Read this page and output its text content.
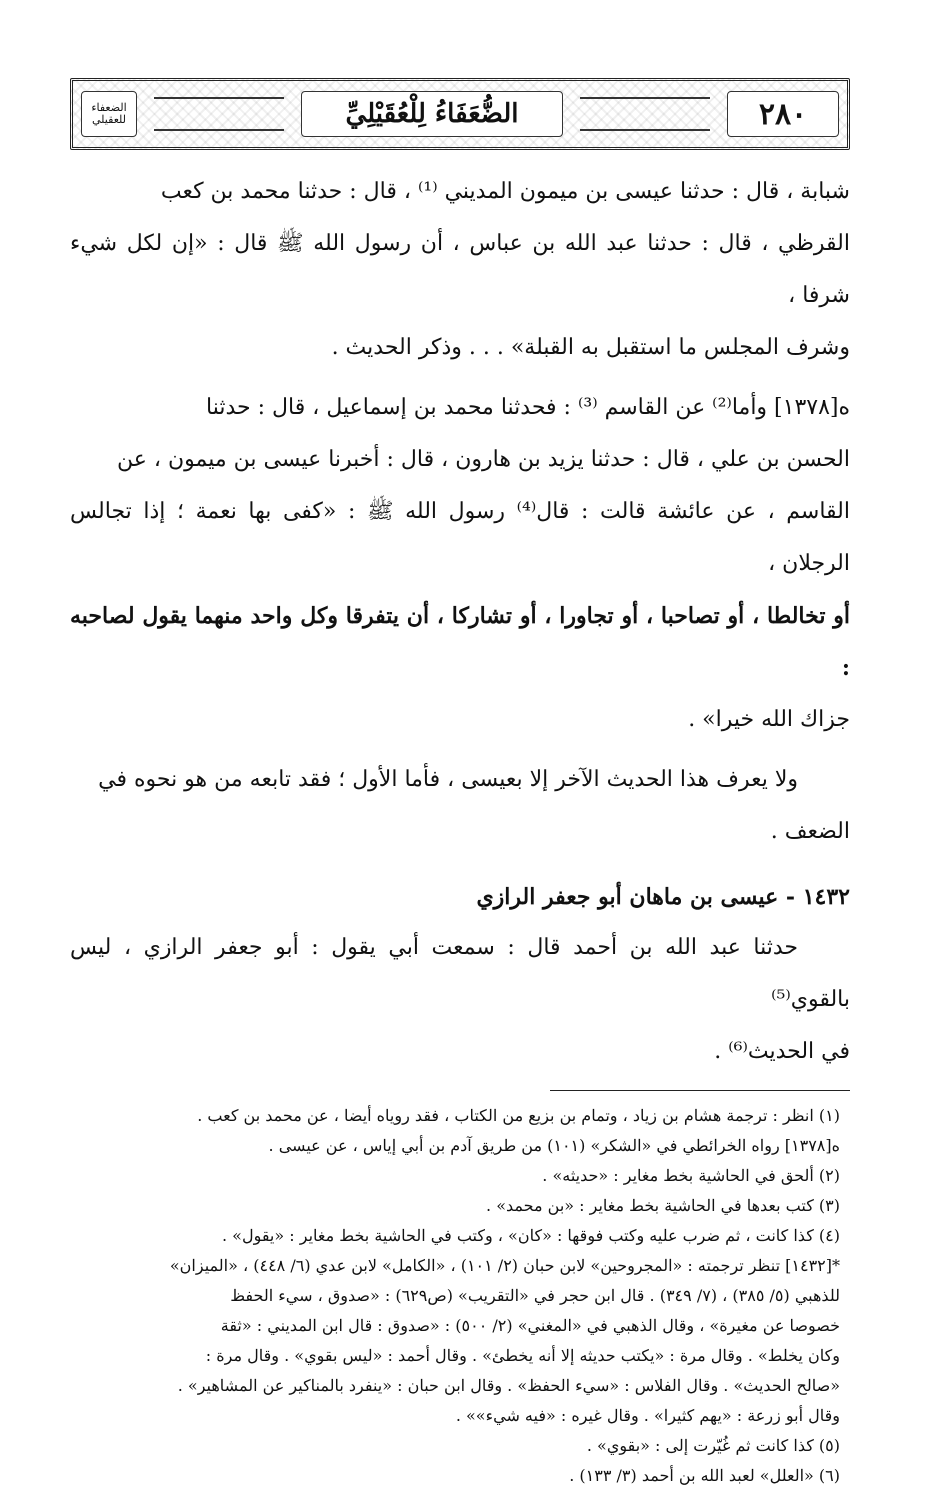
٢٨٠
الضُّعَفَاءُ لِلْعُقَيْلِيِّ
الضعفاء للعقيلي

شبابة ، قال : حدثنا عيسى بن ميمون المديني ⁽¹⁾ ، قال : حدثنا محمد بن كعب

القرظي ، قال : حدثنا عبد الله بن عباس ، أن رسول الله ﷺ قال : «إن لكل شيء شرفا ،

وشرف المجلس ما استقبل به القبلة» . . . وذكر الحديث .

ه[١٣٧٨] وأما⁽²⁾ عن القاسم ⁽³⁾ : فحدثنا محمد بن إسماعيل ، قال : حدثنا

الحسن بن علي ، قال : حدثنا يزيد بن هارون ، قال : أخبرنا عيسى بن ميمون ، عن

القاسم ، عن عائشة قالت : قال⁽⁴⁾ رسول الله ﷺ : «كفى بها نعمة ؛ إذا تجالس الرجلان ،

أو تخالطا ، أو تصاحبا ، أو تجاورا ، أو تشاركا ، أن يتفرقا وكل واحد منهما يقول لصاحبه :

جزاك الله خيرا» .

ولا يعرف هذا الحديث الآخر إلا بعيسى ، فأما الأول ؛ فقد تابعه من هو نحوه في

الضعف .

١٤٣٢ - عيسى بن ماهان أبو جعفر الرازي

حدثنا عبد الله بن أحمد قال : سمعت أبي يقول : أبو جعفر الرازي ، ليس بالقوي⁽⁵⁾

في الحديث⁽⁶⁾ .

(١) انظر : ترجمة هشام بن زياد ، وتمام بن بزيع من الكتاب ، فقد روياه أيضا ، عن محمد بن كعب .

ه[١٣٧٨] رواه الخرائطي في «الشكر» (١٠١) من طريق آدم بن أبي إياس ، عن عيسى .

(٢) ألحق في الحاشية بخط مغاير : «حديثه» .

(٣) كتب بعدها في الحاشية بخط مغاير : «بن محمد» .

(٤) كذا كانت ، ثم ضرب عليه وكتب فوقها : «كان» ، وكتب في الحاشية بخط مغاير : «يقول» .

*[١٤٣٢] تنظر ترجمته : «المجروحين» لابن حبان (٢/ ١٠١) ، «الكامل» لابن عدي (٦/ ٤٤٨) ، «الميزان»

للذهبي (٥/ ٣٨٥) ، (٧/ ٣٤٩) . قال ابن حجر في «التقريب» (ص٦٢٩) : «صدوق ، سيء الحفظ

خصوصا عن مغيرة» ، وقال الذهبي في «المغني» (٢/ ٥٠٠) : «صدوق : قال ابن المديني : «ثقة

وكان يخلط» . وقال مرة : «يكتب حديثه إلا أنه يخطئ» . وقال أحمد : «ليس بقوي» . وقال مرة :

«صالح الحديث» . وقال الفلاس : «سيء الحفظ» . وقال ابن حبان : «ينفرد بالمناكير عن المشاهير» .

وقال أبو زرعة : «يهم كثيرا» . وقال غيره : «فيه شيء»» .

(٥) كذا كانت ثم غُيّرت إلى : «بقوي» .

(٦) «العلل» لعبد الله بن أحمد (٣/ ١٣٣) .
